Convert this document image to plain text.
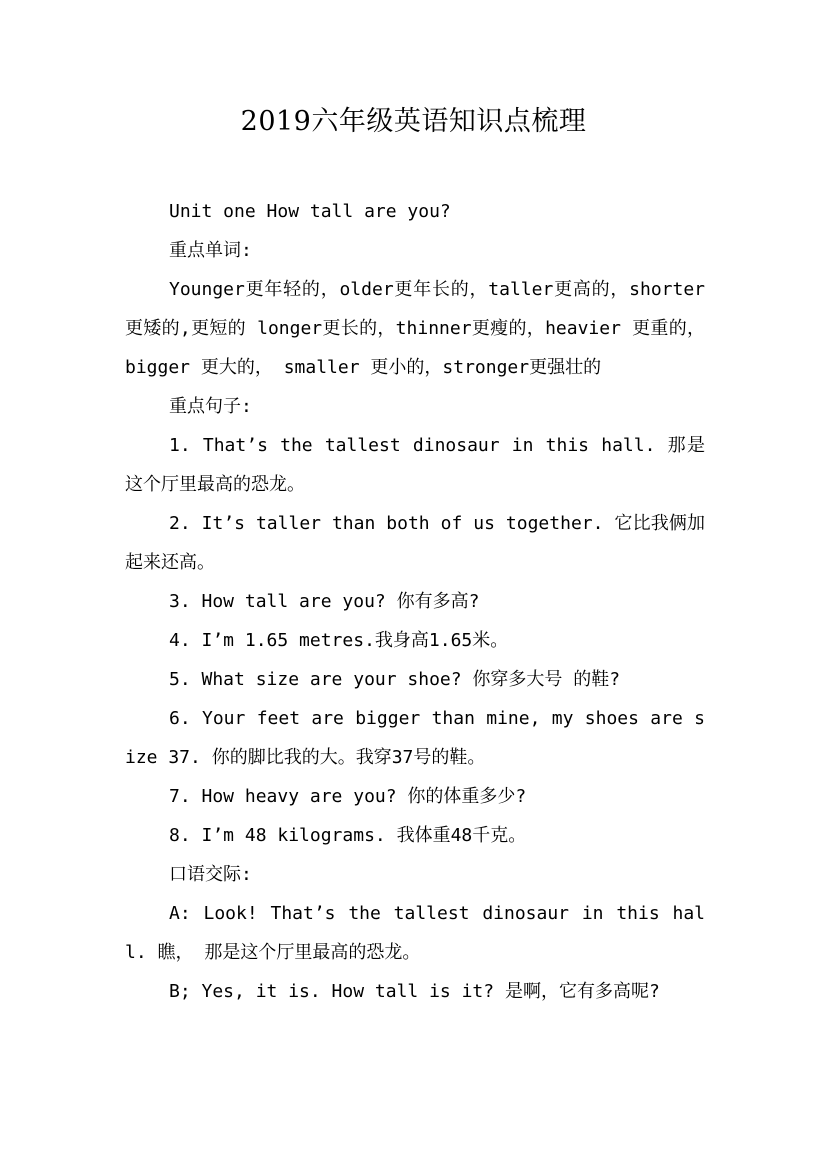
2019六年级英语知识点梳理

Unit one How tall are you?

重点单词:

Younger更年轻的，older更年长的，taller更高的，shorter更矮的,更短的 longer更长的，thinner更瘦的，heavier 更重的， bigger 更大的， smaller 更小的，stronger更强壮的

重点句子:

1. That’s the tallest dinosaur in this hall. 那是这个厅里最高的恐龙。

2. It’s taller than both of us together. 它比我俩加起来还高。

3. How tall are you? 你有多高?

4. I’m 1.65 metres.我身高1.65米。

5. What size are your shoe? 你穿多大号 的鞋?

6. Your feet are bigger than mine, my shoes are size 37. 你的脚比我的大。我穿37号的鞋。

7. How heavy are you? 你的体重多少?

8. I’m 48 kilograms. 我体重48千克。

口语交际:

A: Look! That’s the tallest dinosaur in this hall. 瞧， 那是这个厅里最高的恐龙。

B; Yes, it is. How tall is it? 是啊，它有多高呢?
